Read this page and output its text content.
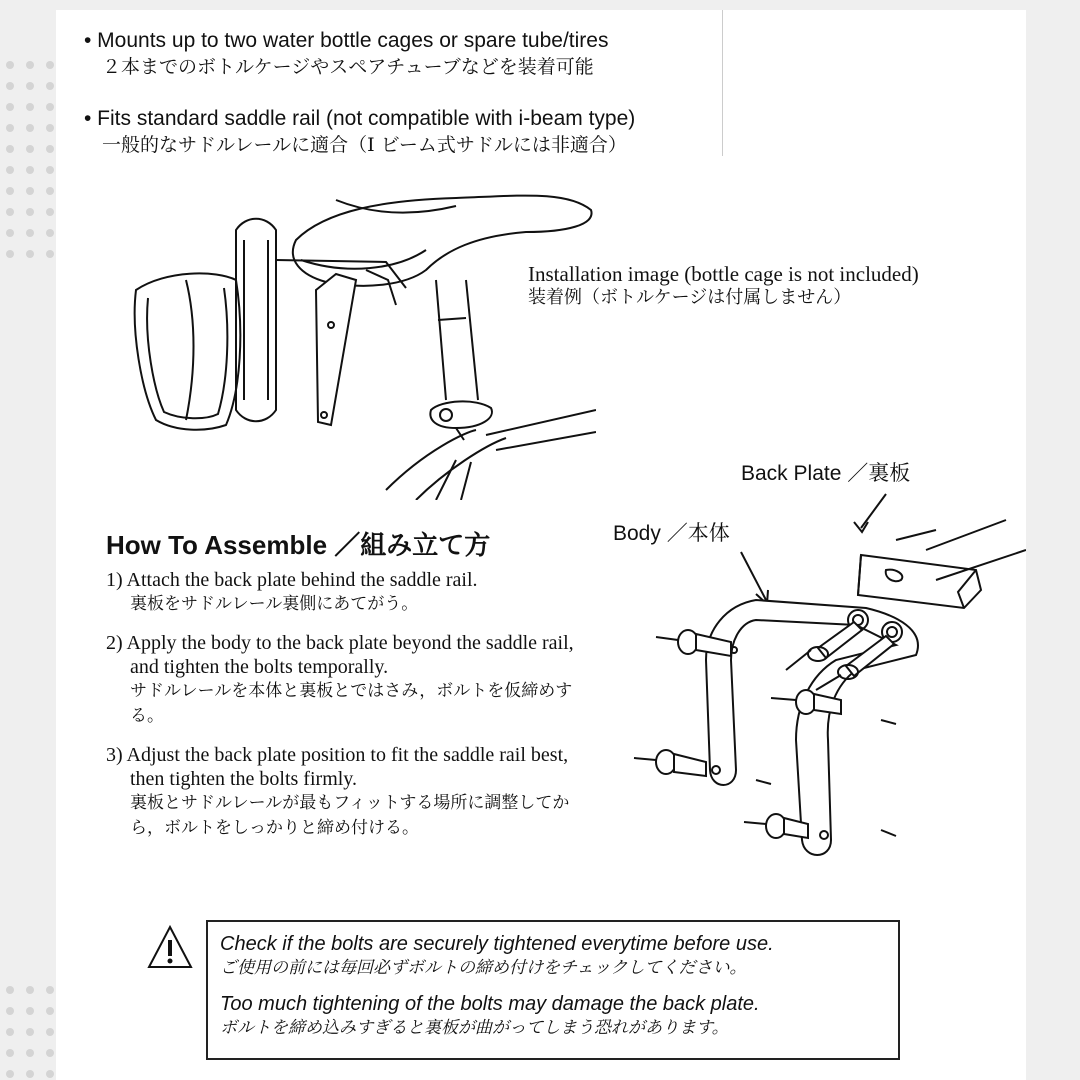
• Mounts up to two water bottle cages or spare tube/tires
２本までのボトルケージやスペアチューブなどを装着可能
• Fits standard saddle rail (not compatible with i-beam type)
一般的なサドルレールに適合（I ビーム式サドルには非適合）
Installation image (bottle cage is not included)
装着例（ボトルケージは付属しません）
How To Assemble ／組み立て方
1) Attach the back plate behind the saddle rail.
裏板をサドルレール裏側にあてがう。
2) Apply the body to the back plate beyond the saddle rail, and tighten the bolts temporally.
サドルレールを本体と裏板とではさみ，ボルトを仮締めする。
3) Adjust the back plate position to fit the saddle rail best, then tighten the bolts firmly.
裏板とサドルレールが最もフィットする場所に調整してから，ボルトをしっかりと締め付ける。
Back Plate ／裏板
Body ／本体

Check if the bolts are securely tightened everytime before use.
ご使用の前には毎回必ずボルトの締め付けをチェックしてください。

Too much tightening of the bolts may damage the back plate.
ボルトを締め込みすぎると裏板が曲がってしまう恐れがあります。
